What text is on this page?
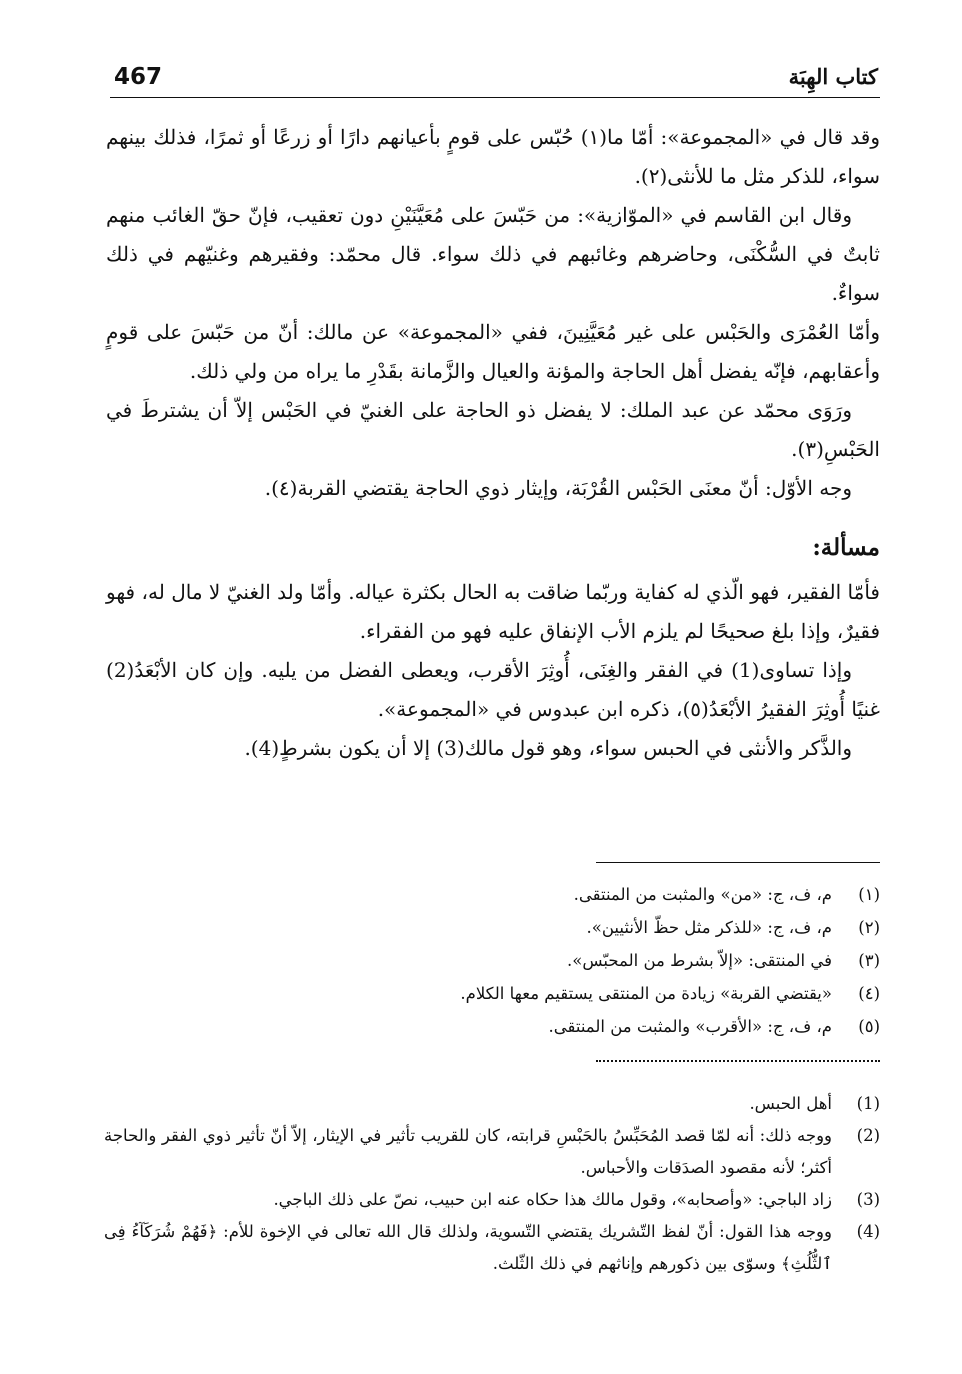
467	كتاب الهِبَة

وقد قال في «المجموعة»: أمّا ما(١) حُبّس على قومٍ بأعيانهم دارًا أو زرعًا أو ثمرًا، فذلك بينهم سواء، للذكر مثل ما للأنثى(٢).

وقال ابن القاسم في «الموّازية»: من حَبّسَ على مُعَيَّنَيْنِ دون تعقيب، فإنّ حقّ الغائب منهم ثابتٌ في السُّكْنَى، وحاضرهم وغائبهم في ذلك سواء. قال محمّد: وفقيرهم وغنيّهم في ذلك سواءٌ.

وأمّا العُمْرَى والحَبْس على غير مُعَيَّنِينَ، ففي «المجموعة» عن مالك: أنّ من حَبّسَ على قومٍ وأعقابهم، فإنّه يفضل أهل الحاجة والمؤنة والعيال والزَّمانة بقَدْرِ ما يراه من ولي ذلك.

ورَوَى محمّد عن عبد الملك: لا يفضل ذو الحاجة على الغنيّ في الحَبْس إلاّ أن يشترطَ في الحَبْسِ(٣).

وجه الأوّل: أنّ معنَى الحَبْس القُرْبَة، وإيثار ذوي الحاجة يقتضي القربة(٤).

مسألة:

فأمّا الفقير، فهو الّذي له كفاية وربّما ضاقت به الحال بكثرة عياله. وأمّا ولد الغنيّ لا مال له، فهو فقيرٌ، وإذا بلغ صحيحًا لم يلزم الأب الإنفاق عليه فهو من الفقراء.

وإذا تساوى(1) في الفقر والغِنَى، أُوثِرَ الأقرب، ويعطى الفضل من يليه. وإن كان الأبْعَدُ(2) غنيًا أُوثِرَ الفقيرُ الأبْعَدُ(٥)، ذكره ابن عبدوس في «المجموعة».

والذَّكر والأنثى في الحبس سواء، وهو قول مالك(3) إلا أن يكون بشرطٍ(4).

(١)
م، ف، ج: «من» والمثبت من المنتقى.

(٢)
م، ف، ج: «للذكر مثل حظّ الأنثيين».

(٣)
في المنتقى: «إلاّ بشرط من المحبّس».

(٤)
«يقتضي القربة» زيادة من المنتقى يستقيم معها الكلام.

(٥)
م، ف، ج: «الأقرب» والمثبت من المنتقى.

(1)
أهل الحبس.

(2)
ووجه ذلك: أنه لمّا قصد المُحَبِّسُ بالحَبْسِ قرابته، كان للقريب تأثير في الإيثار، إلاّ أنّ تأثير ذوي الفقر والحاجة أكثر؛ لأنه مقصود الصدَقات والأحباس.

(3)
زاد الباجي: «وأصحابه»، وقول مالك هذا حكاه عنه ابن حبيب، نصّ على ذلك الباجي.

(4)
ووجه هذا القول: أنّ لفظ التّشريك يقتضي التّسوية، ولذلك قال الله تعالى في الإخوة للأم: ﴿فَهُمْ شُرَكَآءُ فِى ٱلثُّلُثِ﴾ وسوّى بين ذكورهم وإناثهم في ذلك الثّلث.
